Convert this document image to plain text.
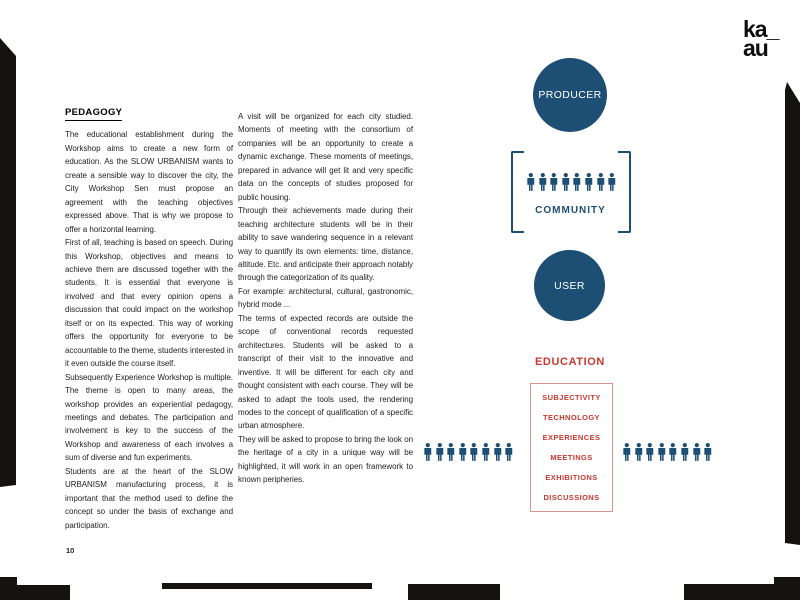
ka_
au
PEDAGOGY

The educational establishment during the Workshop aims to create a new form of education. As the SLOW URBANISM wants to create a sensible way to discover the city, the City Workshop Sen must propose an agreement with the teaching objectives expressed above. That is why we propose to offer a horizontal learning.

First of all, teaching is based on speech. During this Workshop, objectives and means to achieve them are discussed together with the students. It is essential that everyone is involved and that every opinion opens a discussion that could impact on the workshop itself or on its expected. This way of working offers the opportunity for everyone to be accountable to the theme, students interested in it even outside the course itself.

Subsequently Experience Workshop is multiple. The theme is open to many areas, the workshop provides an experiential pedagogy, meetings and debates. The participation and involvement is key to the success of the Workshop and awareness of each involves a sum of diverse and fun experiments.

Students are at the heart of the SLOW URBANISM manufacturing process, it is important that the method used to define the concept so under the basis of exchange and participation.

A visit will be organized for each city studied. Moments of meeting with the consortium of companies will be an opportunity to create a dynamic exchange. These moments of meetings, prepared in advance will get lit and very specific data on the concepts of studies proposed for public housing.

Through their achievements made during their teaching architecture students will be in their ability to save wandering sequence in a relevant way to quantify its own elements: time, distance, altitude. Etc. and anticipate their approach notably through the categorization of its quality.

For example: architectural, cultural, gastronomic, hybrid mode ...

The terms of expected records are outside the scope of conventional records requested architectures. Students will be asked to a transcript of their visit to the innovative and inventive. It will be different for each city and thought consistent with each course. They will be asked to adapt the tools used, the rendering modes to the concept of qualification of a specific urban atmosphere.

They will be asked to propose to bring the look on the heritage of a city in a unique way will be highlighted, it will work in an open framework to known peripheries.

10
PRODUCER
COMMUNITY
USER
EDUCATION
SUBJECTIVITY
TECHNOLOGY
EXPERIENCES
MEETINGS
EXHIBITIONS
DISCUSSIONS
